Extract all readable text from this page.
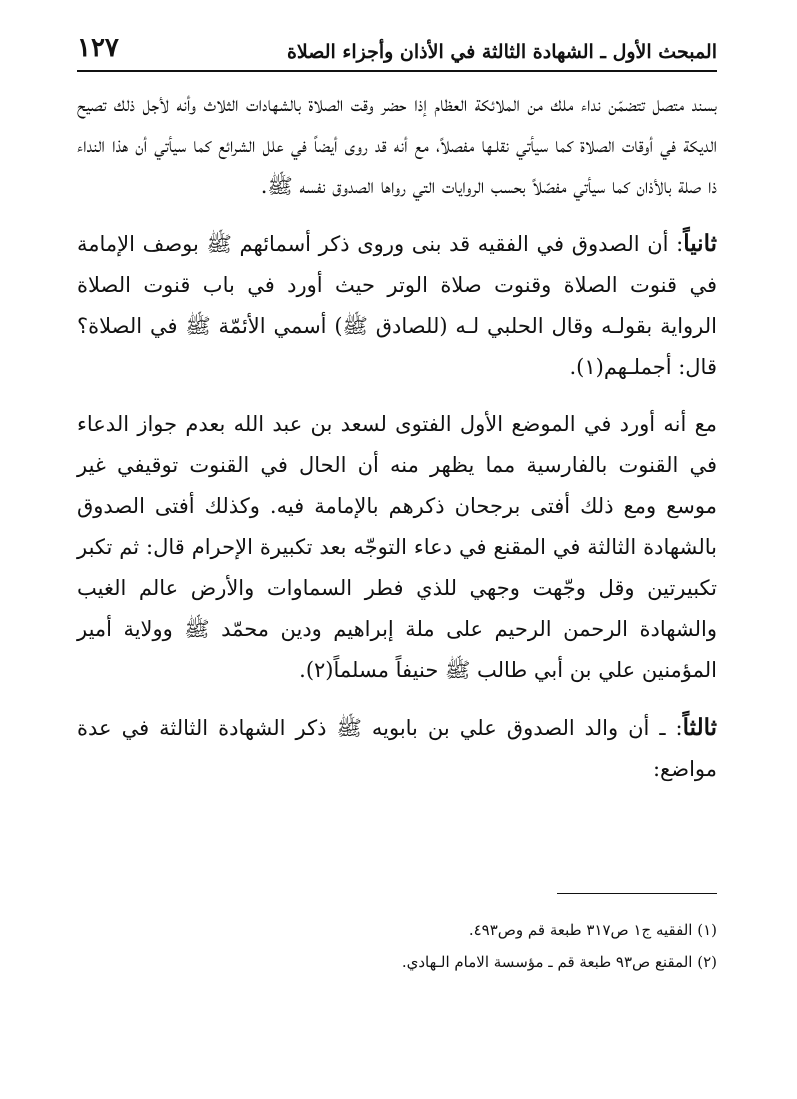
المبحث الأول ـ الشهادة الثالثة في الأذان وأجزاء الصلاة
١٢٧

بسند متصل تتضمّن نداء ملك من الملائكة العظام إذا حضر وقت الصلاة بالشهادات الثلاث وأنه لأجل ذلك تصيح الديكة في أوقات الصلاة كما سيأتي نقلـها مفصلاً، مع أنه قد روى أيضاً في علل الشرائع كما سيأتي أن هذا النداء ذا صلة بالأذان كما سيأتي مفصّلاً بحسب الروايات التي رواها الصدوق نفسه ﷺ.

ثانياً: أن الصدوق في الفقيه قد بنى وروى ذكر أسمائهم ﷺ بوصف الإمامة في قنوت الصلاة وقنوت صلاة الوتر حيث أورد في باب قنوت الصلاة الرواية بقولـه وقال الحلبي لـه (للصادق ﷺ) أسمي الأئمّة ﷺ في الصلاة؟ قال: أجملـهم(١).

مع أنه أورد في الموضع الأول الفتوى لسعد بن عبد الله بعدم جواز الدعاء في القنوت بالفارسية مما يظهر منه أن الحال في القنوت توقيفي غير موسع ومع ذلك أفتى برجحان ذكرهم بالإمامة فيه. وكذلك أفتى الصدوق بالشهادة الثالثة في المقنع في دعاء التوجّه بعد تكبيرة الإحرام قال: ثم تكبر تكبيرتين وقل وجّهت وجهي للذي فطر السماوات والأرض عالم الغيب والشهادة الرحمن الرحيم على ملة إبراهيم ودين محمّد ﷺ وولاية أمير المؤمنين علي بن أبي طالب ﷺ حنيفاً مسلماً(٢).

ثالثاً: ـ أن والد الصدوق علي بن بابويه ﷺ ذكر الشهادة الثالثة في عدة مواضع:

(١) الفقيه ج١ ص٣١٧ طبعة قم وص٤٩٣.
(٢) المقنع ص٩٣ طبعة قم ـ مؤسسة الامام الـهادي.
